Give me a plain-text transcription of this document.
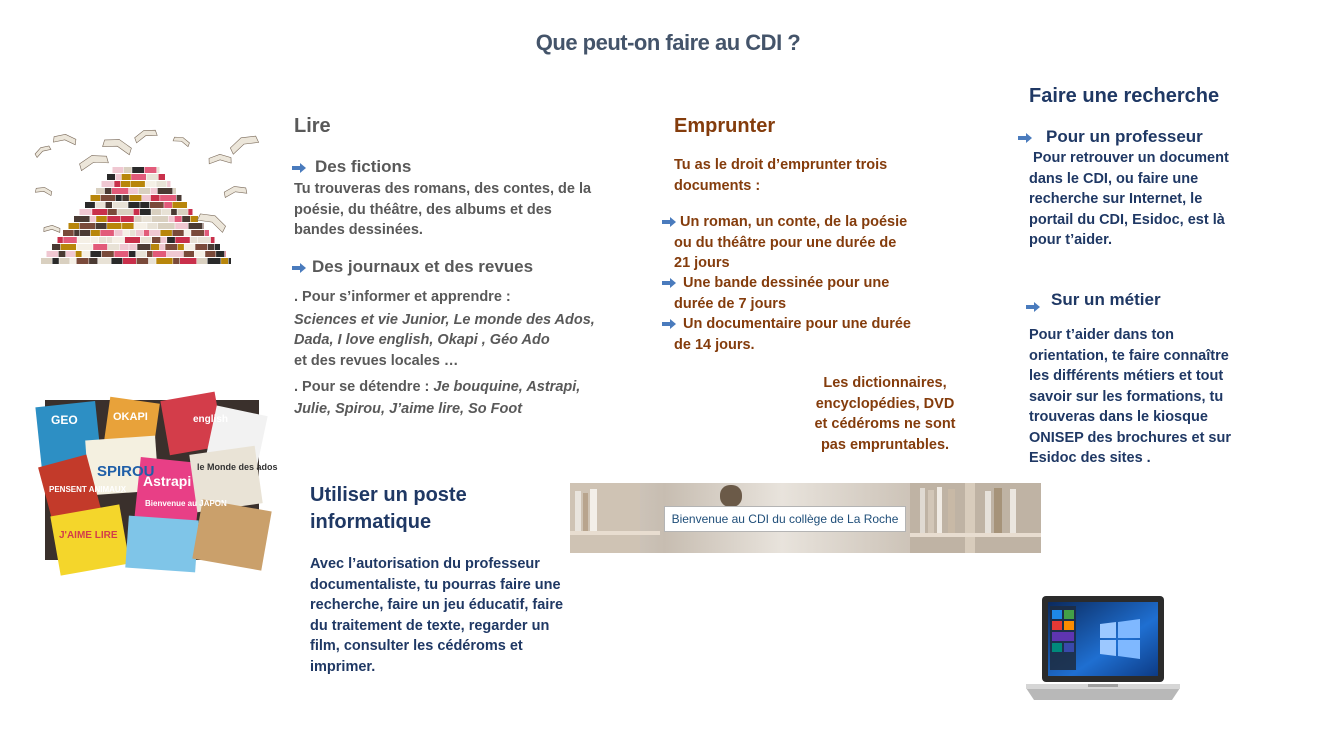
Que peut-on faire au CDI ?
Lire
Des fictions
Tu trouveras des romans, des contes, de la
poésie, du théâtre, des albums et des
bandes dessinées.
Des journaux et des revues
. Pour s’informer et apprendre :
Sciences et vie Junior, Le monde des Ados,
Dada, I love english, Okapi , Géo Ado
et des revues locales …
. Pour se détendre : Je bouquine, Astrapi,
Julie, Spirou, J’aime lire, So Foot
GEO	OKAPI	english
SPIROU
PENSENT ANIMAUX
Astrapi
le Monde des ados
Bienvenue au JAPON
J'AIME LIRE
Emprunter
Tu as le droit d’emprunter trois
documents :
Un roman, un conte, de la poésie
ou du théâtre pour une durée de
21 jours
Une bande dessinée pour une
durée de 7 jours
Un documentaire pour une durée
de 14 jours.
Les dictionnaires,
encyclopédies, DVD
et cédéroms ne sont
pas empruntables.
Faire une recherche
Pour un professeur
Pour retrouver un document
dans le CDI, ou faire une
recherche sur Internet, le
portail du CDI, Esidoc, est là
pour t’aider.
Sur un métier
Pour t’aider dans ton
orientation, te faire connaître
les différents métiers et tout
savoir sur les formations, tu
trouveras dans le kiosque
ONISEP des brochures et sur
Esidoc des sites .
Utiliser un poste
informatique
Avec l’autorisation du professeur
documentaliste, tu pourras faire une
recherche, faire un jeu éducatif, faire
du traitement de texte, regarder un
film, consulter les cédéroms et
imprimer.
Bienvenue au CDI du collège de La Roche
